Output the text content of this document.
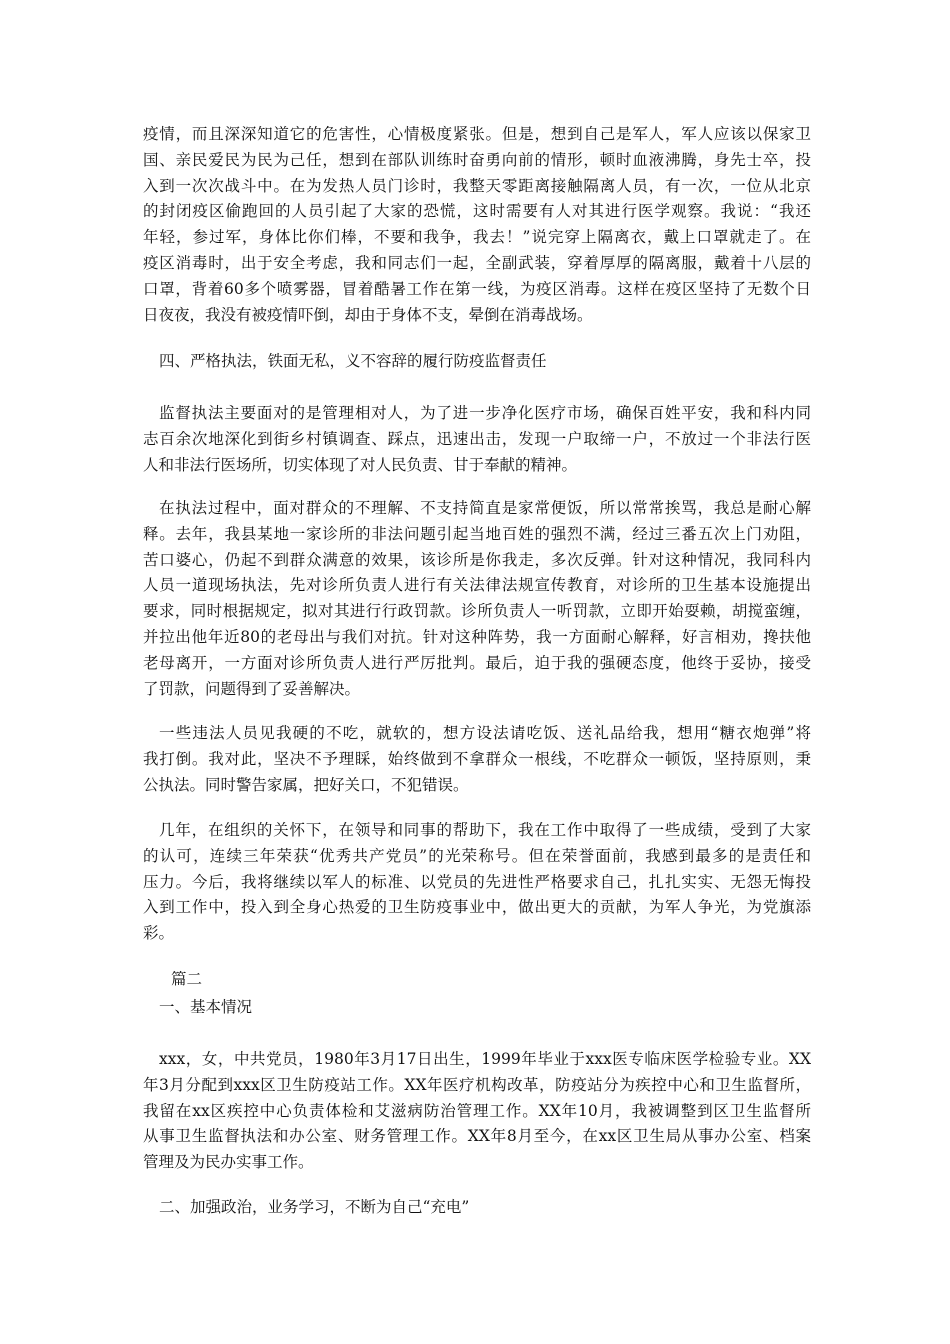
疫情，而且深深知道它的危害性，心情极度紧张。但是，想到自己是军人，军人应该以保家卫
国、亲民爱民为民为己任，想到在部队训练时奋勇向前的情形，顿时血液沸腾，身先士卒，投
入到一次次战斗中。在为发热人员门诊时，我整天零距离接触隔离人员，有一次，一位从北京
的封闭疫区偷跑回的人员引起了大家的恐慌，这时需要有人对其进行医学观察。我说：“我还
年轻，参过军，身体比你们棒，不要和我争，我去！”说完穿上隔离衣，戴上口罩就走了。在
疫区消毒时，出于安全考虑，我和同志们一起，全副武装，穿着厚厚的隔离服，戴着十八层的
口罩，背着60多个喷雾器，冒着酷暑工作在第一线，为疫区消毒。这样在疫区坚持了无数个日
日夜夜，我没有被疫情吓倒，却由于身体不支，晕倒在消毒战场。
四、严格执法，铁面无私，义不容辞的履行防疫监督责任
监督执法主要面对的是管理相对人，为了进一步净化医疗市场，确保百姓平安，我和科内同
志百余次地深化到街乡村镇调查、踩点，迅速出击，发现一户取缔一户，不放过一个非法行医
人和非法行医场所，切实体现了对人民负责、甘于奉献的精神。
在执法过程中，面对群众的不理解、不支持简直是家常便饭，所以常常挨骂，我总是耐心解
释。去年，我县某地一家诊所的非法问题引起当地百姓的强烈不满，经过三番五次上门劝阻，
苦口婆心，仍起不到群众满意的效果，该诊所是你我走，多次反弹。针对这种情况，我同科内
人员一道现场执法，先对诊所负责人进行有关法律法规宣传教育，对诊所的卫生基本设施提出
要求，同时根据规定，拟对其进行行政罚款。诊所负责人一听罚款，立即开始耍赖，胡搅蛮缠，
并拉出他年近80的老母出与我们对抗。针对这种阵势，我一方面耐心解释，好言相劝，搀扶他
老母离开，一方面对诊所负责人进行严厉批判。最后，迫于我的强硬态度，他终于妥协，接受
了罚款，问题得到了妥善解决。
一些违法人员见我硬的不吃，就软的，想方设法请吃饭、送礼品给我，想用“糖衣炮弹”将
我打倒。我对此，坚决不予理睬，始终做到不拿群众一根线，不吃群众一顿饭，坚持原则，秉
公执法。同时警告家属，把好关口，不犯错误。
几年，在组织的关怀下，在领导和同事的帮助下，我在工作中取得了一些成绩，受到了大家
的认可，连续三年荣获“优秀共产党员”的光荣称号。但在荣誉面前，我感到最多的是责任和
压力。今后，我将继续以军人的标准、以党员的先进性严格要求自己，扎扎实实、无怨无悔投
入到工作中，投入到全身心热爱的卫生防疫事业中，做出更大的贡献，为军人争光，为党旗添
彩。
篇二
一、基本情况
xxx，女，中共党员，1980年3月17日出生，1999年毕业于xxx医专临床医学检验专业。XX
年3月分配到xxx区卫生防疫站工作。XX年医疗机构改革，防疫站分为疾控中心和卫生监督所，
我留在xx区疾控中心负责体检和艾滋病防治管理工作。XX年10月，我被调整到区卫生监督所
从事卫生监督执法和办公室、财务管理工作。XX年8月至今，在xx区卫生局从事办公室、档案
管理及为民办实事工作。
二、加强政治，业务学习，不断为自己“充电”
